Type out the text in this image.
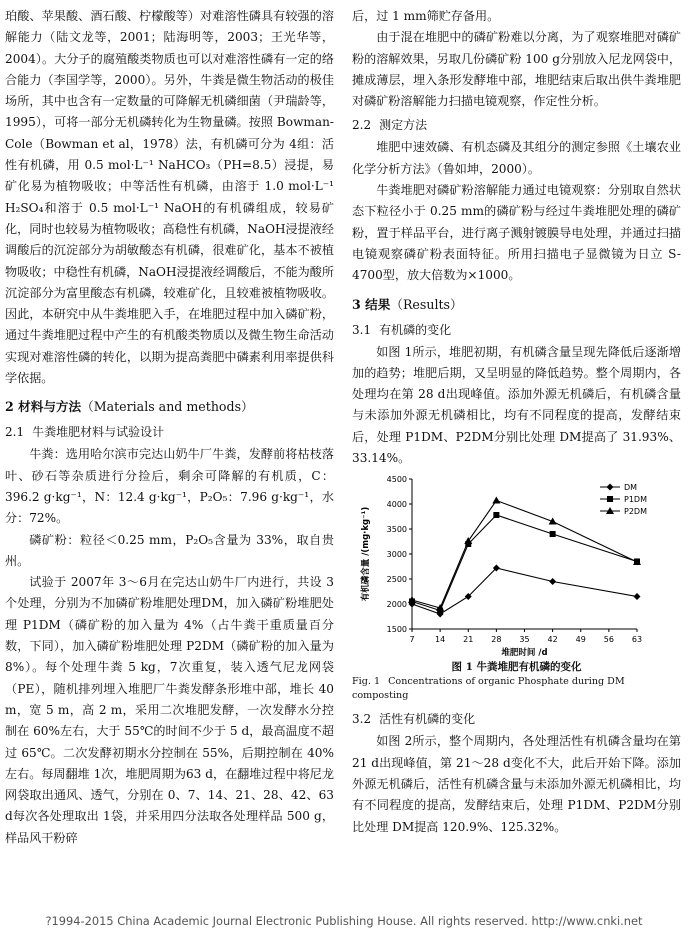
珀酸、苹果酸、酒石酸、柠檬酸等）对难溶性磷具有较强的溶解能力（陆文龙等，2001；陆海明等，2003；王光华等，2004）。大分子的腐殖酸类物质也可以对难溶性磷有一定的络合能力（李国学等，2000）。另外，牛粪是微生物活动的极佳场所，其中也含有一定数量的可降解无机磷细菌（尹瑞龄等，1995），可将一部分无机磷转化为生物量磷。按照 Bowman-Cole（Bowman et al，1978）法，有机磷可分为 4组：活性有机磷，用 0.5 mol·L⁻¹ NaHCO₃（PH=8.5）浸提，易矿化易为植物吸收；中等活性有机磷，由溶于 1.0 mol·L⁻¹ H₂SO₄和溶于 0.5 mol·L⁻¹ NaOH的有机磷组成，较易矿化，同时也较易为植物吸收；高稳性有机磷，NaOH浸提液经调酸后的沉淀部分为胡敏酸态有机磷，很难矿化，基本不被植物吸收；中稳性有机磷，NaOH浸提液经调酸后，不能为酸所沉淀部分为富里酸态有机磷，较难矿化，且较难被植物吸收。因此，本研究中从牛粪堆肥入手，在堆肥过程中加入磷矿粉，通过牛粪堆肥过程中产生的有机酸类物质以及微生物生命活动实现对难溶性磷的转化，以期为提高粪肥中磷素利用率提供科学依据。

2 材料与方法（Materials and methods）
2.1 牛粪堆肥材料与试验设计

牛粪：选用哈尔滨市完达山奶牛厂牛粪，发酵前将枯枝落叶、砂石等杂质进行分捡后，剩余可降解的有机质，C：396.2 g·kg⁻¹，N：12.4 g·kg⁻¹，P₂O₅：7.96 g·kg⁻¹，水分：72%。

磷矿粉：粒径＜0.25 mm，P₂O₅含量为 33%，取自贵州。

试验于 2007年 3～6月在完达山奶牛厂内进行，共设 3个处理，分别为不加磷矿粉堆肥处理DM，加入磷矿粉堆肥处理 P1DM（磷矿粉的加入量为 4%（占牛粪干重质量百分数，下同），加入磷矿粉堆肥处理 P2DM（磷矿粉的加入量为 8%）。每个处理牛粪 5 kg，7次重复，装入透气尼龙网袋（PE），随机排列埋入堆肥厂牛粪发酵条形堆中部，堆长 40 m，宽 5 m，高 2 m，采用二次堆肥发酵，一次发酵水分控制在 60%左右，大于 55℃的时间不少于 5 d，最高温度不超过 65℃。二次发酵初期水分控制在 55%，后期控制在 40%左右。每周翻堆 1次，堆肥周期为63 d，在翻堆过程中将尼龙网袋取出通风、透气，分别在 0、7、14、21、28、42、63 d每次各处理取出 1袋，并采用四分法取各处理样品 500 g，样品风干粉碎

后，过 1 mm筛贮存备用。

由于混在堆肥中的磷矿粉难以分离，为了观察堆肥对磷矿粉的溶解效果，另取几份磷矿粉 100 g分别放入尼龙网袋中，摊成薄层，埋入条形发酵堆中部，堆肥结束后取出供牛粪堆肥对磷矿粉溶解能力扫描电镜观察，作定性分析。

2.2 测定方法

堆肥中速效磷、有机态磷及其组分的测定参照《土壤农业化学分析方法》（鲁如坤，2000）。

牛粪堆肥对磷矿粉溶解能力通过电镜观察：分别取自然状态下粒径小于 0.25 mm的磷矿粉与经过牛粪堆肥处理的磷矿粉，置于样品平台，进行离子溅射镀膜导电处理，并通过扫描电镜观察磷矿粉表面特征。所用扫描电子显微镜为日立 S-4700型，放大倍数为×1000。

3 结果（Results）
3.1 有机磷的变化

如图 1所示，堆肥初期，有机磷含量呈现先降低后逐渐增加的趋势；堆肥后期，又呈明显的降低趋势。整个周期内，各处理均在第 28 d出现峰值。添加外源无机磷后，有机磷含量与未添加外源无机磷相比，均有不同程度的提高，发酵结束后，处理 P1DM、P2DM分别比处理 DM提高了 31.93%、33.14%。

1500
2000
2500
3000
3500
4000
4500
7	14 21 28 35 42 49 56 63
堆肥时间 /d
有机磷含量 /(mg·kg⁻¹)
DM
P1DM
P2DM
图 1 牛粪堆肥有机磷的变化
Fig. 1 Concentrations of organic Phosphate during DM composting
3.2 活性有机磷的变化

如图 2所示，整个周期内，各处理活性有机磷含量均在第 21 d出现峰值，第 21～28 d变化不大，此后开始下降。添加外源无机磷后，活性有机磷含量与未添加外源无机磷相比，均有不同程度的提高，发酵结束后，处理 P1DM、P2DM分别比处理 DM提高 120.9%、125.32%。

?1994-2015 China Academic Journal Electronic Publishing House. All rights reserved. http://www.cnki.net
